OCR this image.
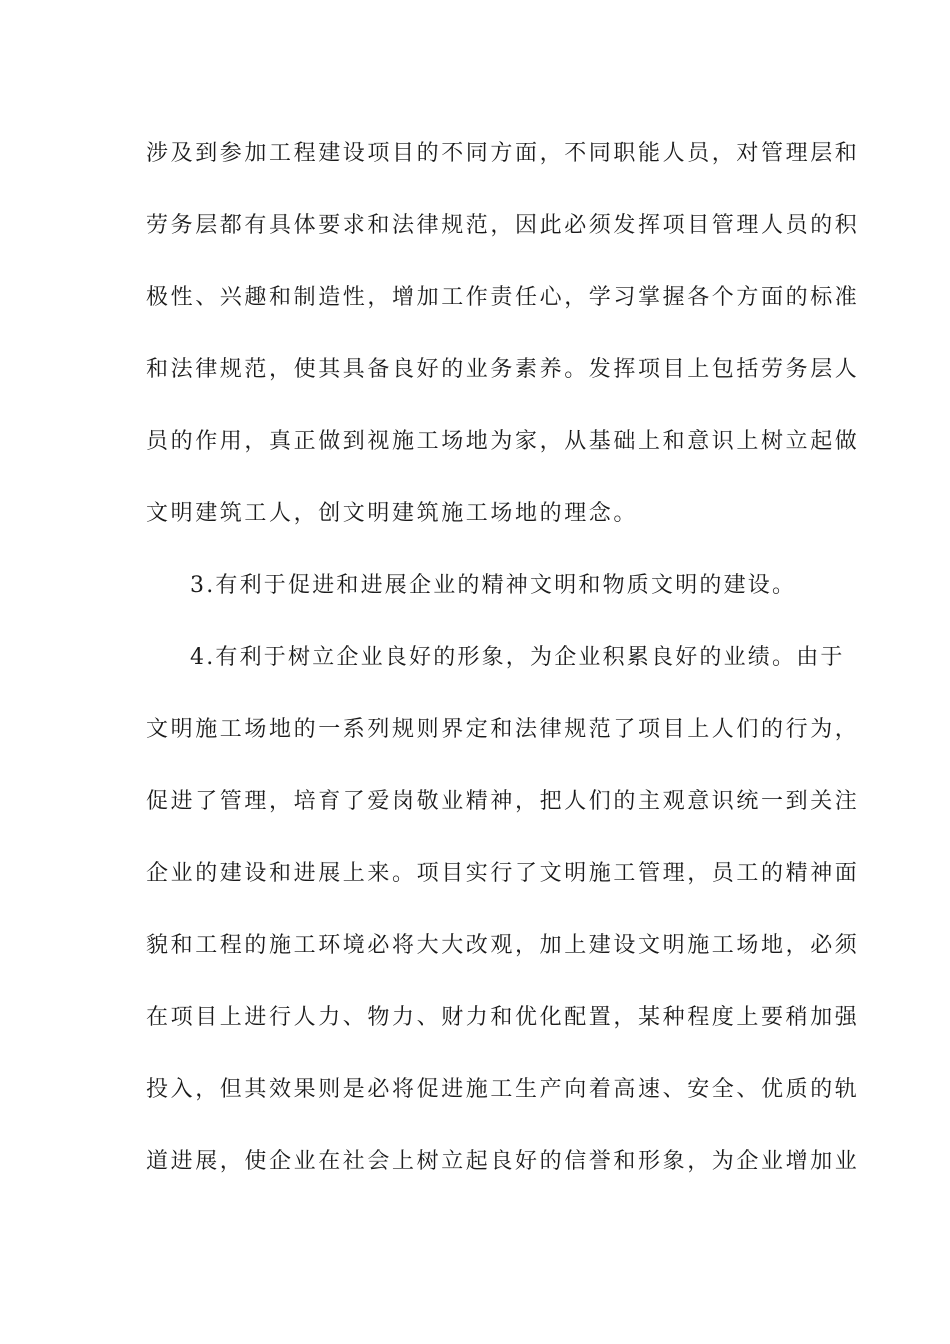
涉及到参加工程建设项目的不同方面，不同职能人员，对管理层和
劳务层都有具体要求和法律规范，因此必须发挥项目管理人员的积
极性、兴趣和制造性，增加工作责任心，学习掌握各个方面的标准
和法律规范，使其具备良好的业务素养。发挥项目上包括劳务层人
员的作用，真正做到视施工场地为家，从基础上和意识上树立起做
文明建筑工人，创文明建筑施工场地的理念。
3.有利于促进和进展企业的精神文明和物质文明的建设。
4.有利于树立企业良好的形象，为企业积累良好的业绩。由于
文明施工场地的一系列规则界定和法律规范了项目上人们的行为，
促进了管理，培育了爱岗敬业精神，把人们的主观意识统一到关注
企业的建设和进展上来。项目实行了文明施工管理，员工的精神面
貌和工程的施工环境必将大大改观，加上建设文明施工场地，必须
在项目上进行人力、物力、财力和优化配置，某种程度上要稍加强
投入，但其效果则是必将促进施工生产向着高速、安全、优质的轨
道进展，使企业在社会上树立起良好的信誉和形象，为企业增加业
